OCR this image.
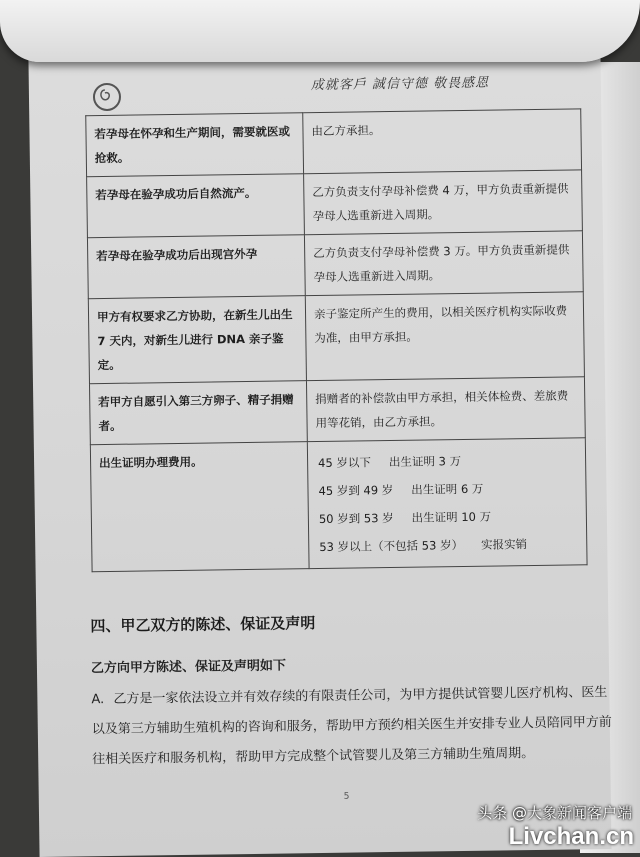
成就客戶 誠信守德 敬畏感恩
若孕母在怀孕和生产期间，需要就医或抢救。	由乙方承担。
若孕母在验孕成功后自然流产。	乙方负责支付孕母补偿费 4 万，甲方负责重新提供孕母人选重新进入周期。
若孕母在验孕成功后出现宫外孕	乙方负责支付孕母补偿费 3 万。甲方负责重新提供孕母人选重新进入周期。
甲方有权要求乙方协助，在新生儿出生 7 天内，对新生儿进行 DNA 亲子鉴定。	亲子鉴定所产生的费用，以相关医疗机构实际收费为准，由甲方承担。
若甲方自愿引入第三方卵子、精子捐赠者。	捐赠者的补偿款由甲方承担，相关体检费、差旅费用等花销，由乙方承担。
出生证明办理费用。	45 岁以下 出生证明 3 万
45 岁到 49 岁 出生证明 6 万
50 岁到 53 岁 出生证明 10 万
53 岁以上（不包括 53 岁） 实报实销
四、甲乙双方的陈述、保证及声明
乙方向甲方陈述、保证及声明如下
A. 乙方是一家依法设立并有效存续的有限责任公司，为甲方提供试管婴儿医疗机构、医生以及第三方辅助生殖机构的咨询和服务，帮助甲方预约相关医生并安排专业人员陪同甲方前往相关医疗和服务机构，帮助甲方完成整个试管婴儿及第三方辅助生殖周期。
5
头条 @大象新闻客户端
Livchan.cn
